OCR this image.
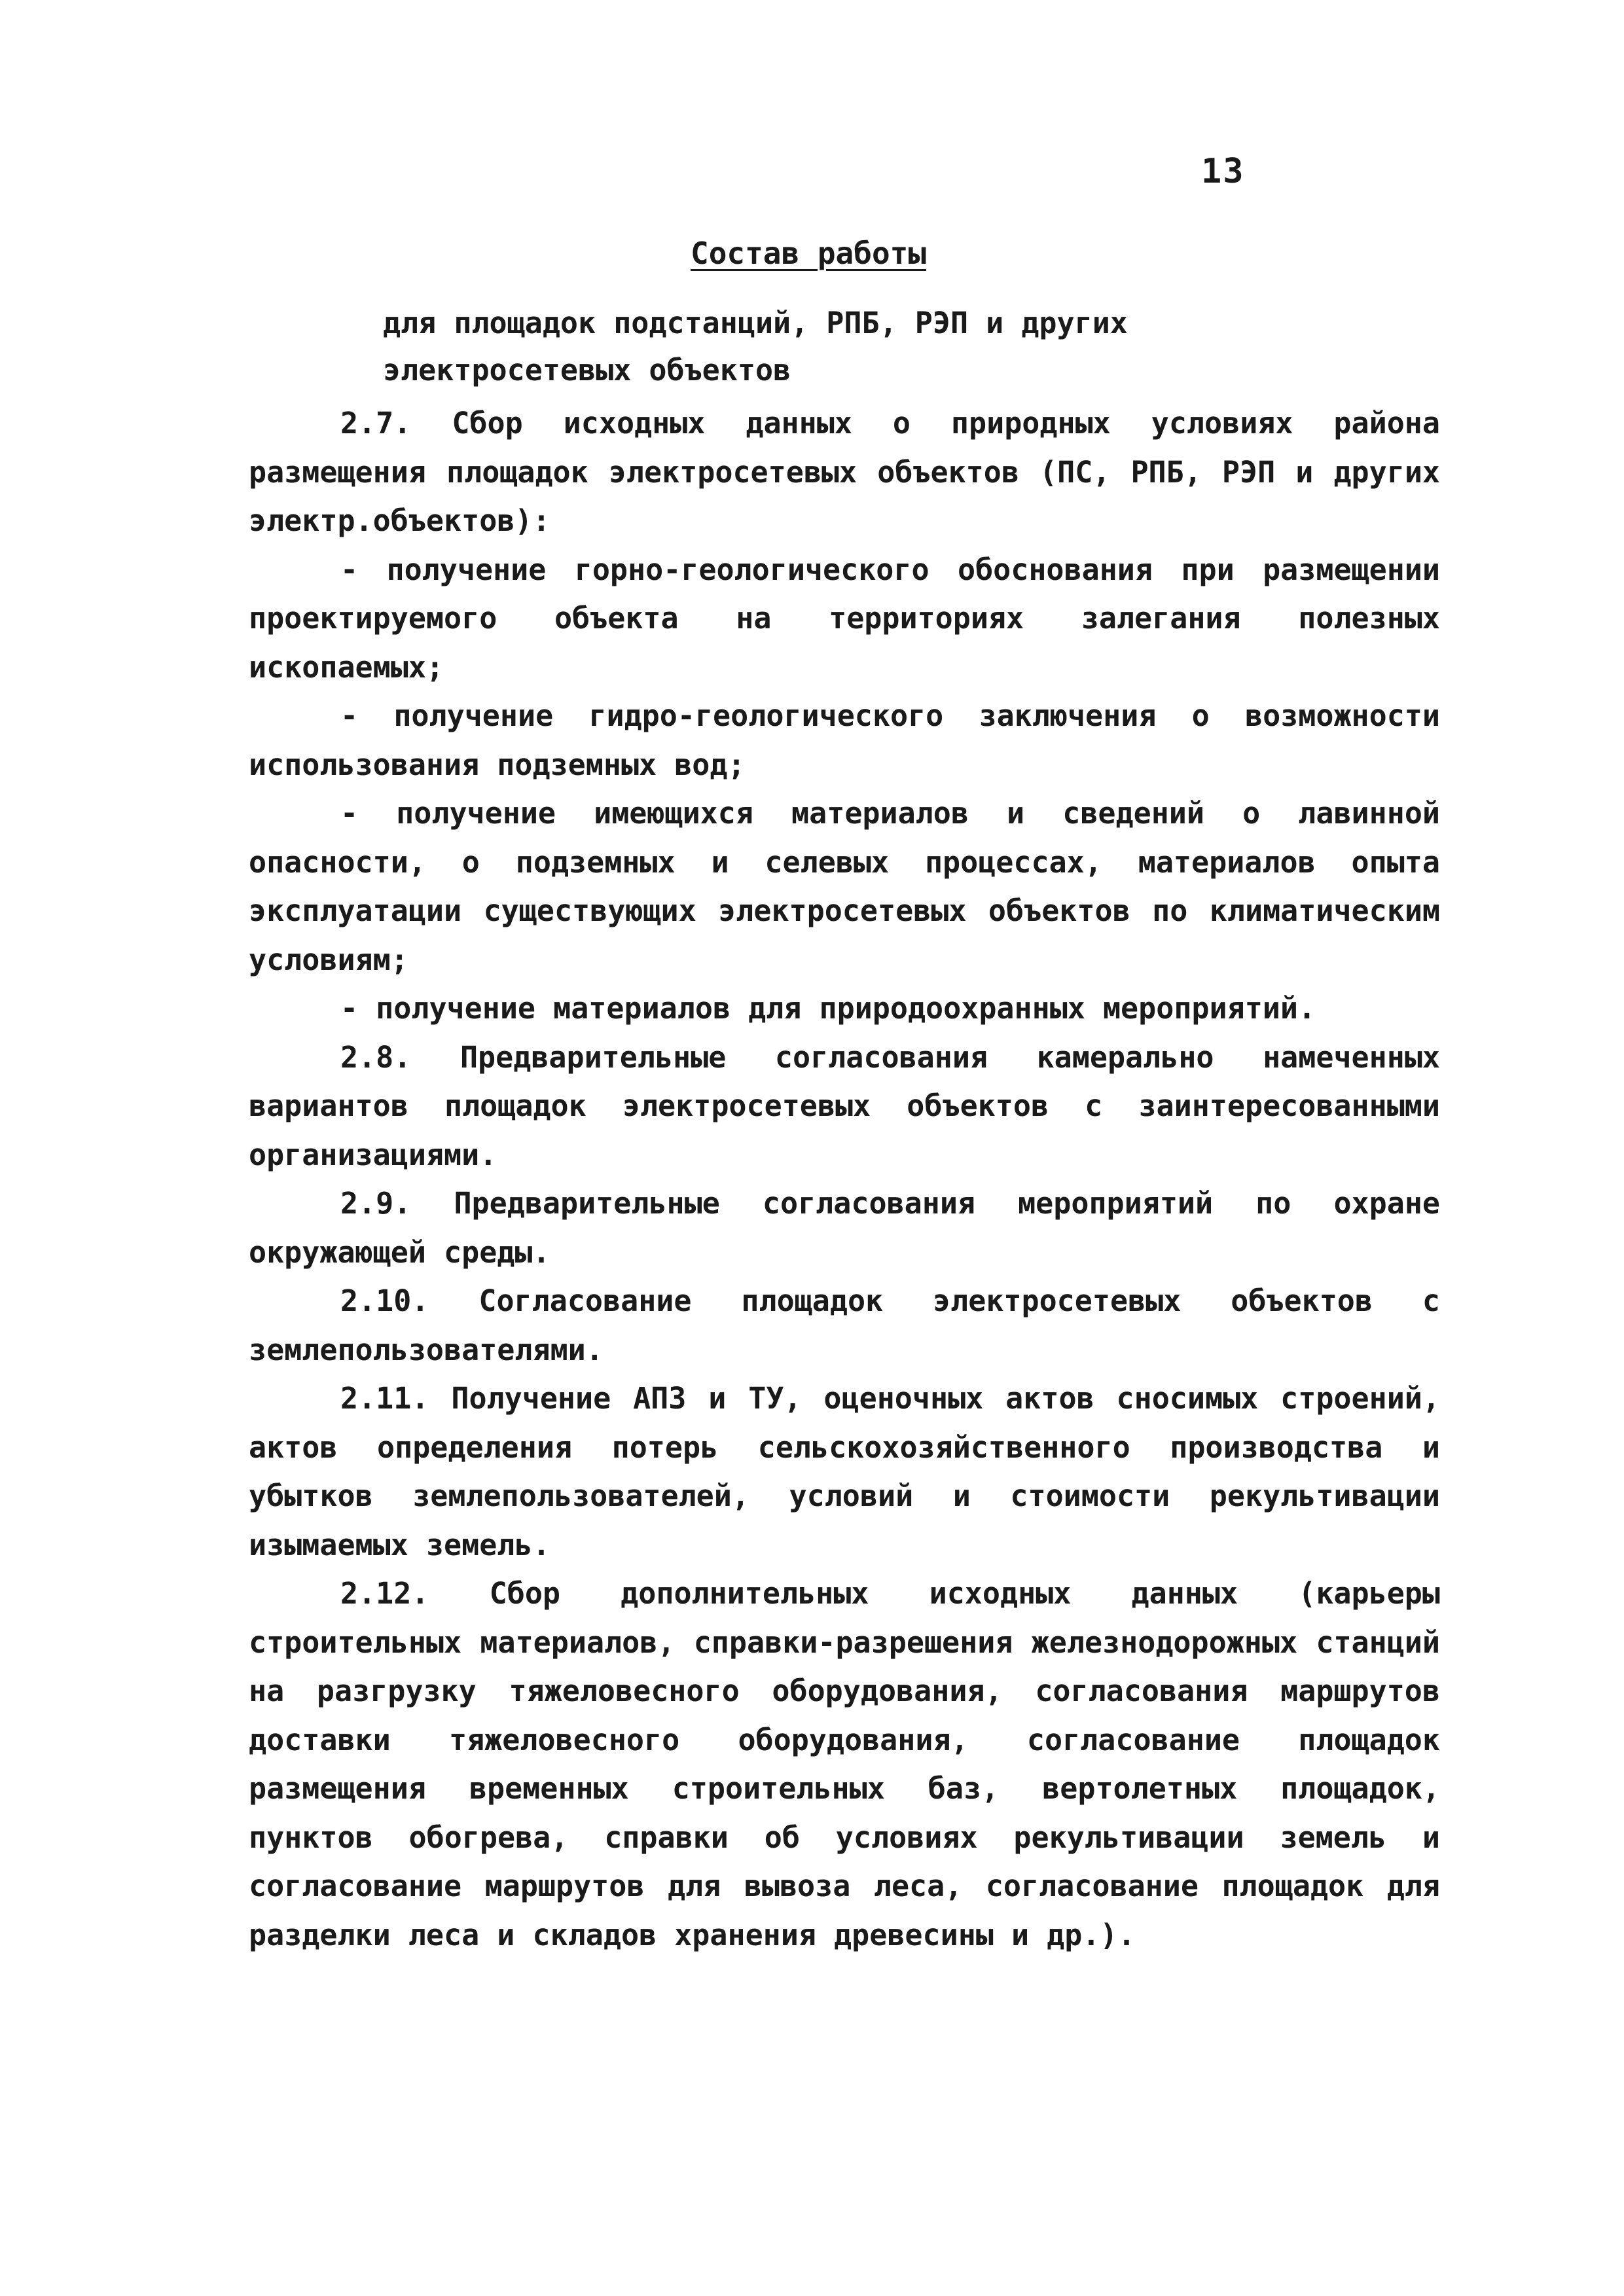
13
Состав работы
для площадок подстанций, РПБ, РЭП и других электросетевых объектов

2.7. Сбор исходных данных о природных условиях района размещения площадок электросетевых объектов (ПС, РПБ, РЭП и других электр.объектов):

- получение горно-геологического обоснования при размещении проектируемого объекта на территориях залегания полезных ископаемых;

- получение гидро-геологического заключения о возможности использования подземных вод;

- получение имеющихся материалов и сведений о лавинной опасности, о подземных и селевых процессах, материалов опыта эксплуатации существующих электросетевых объектов по климатическим условиям;

- получение материалов для природоохранных мероприятий.

2.8. Предварительные согласования камерально намеченных вариантов площадок электросетевых объектов с заинтересованными организациями.

2.9. Предварительные согласования мероприятий по охране окружающей среды.

2.10. Согласование площадок электросетевых объектов с землепользователями.

2.11. Получение АПЗ и ТУ, оценочных актов сносимых строений, актов определения потерь сельскохозяйственного производства и убытков землепользователей, условий и стоимости рекультивации изымаемых земель.

2.12. Сбор дополнительных исходных данных (карьеры строительных материалов, справки-разрешения железнодорожных станций на разгрузку тяжеловесного оборудования, согласования маршрутов доставки тяжеловесного оборудования, согласование площадок размещения временных строительных баз, вертолетных площадок, пунктов обогрева, справки об условиях рекультивации земель и согласование маршрутов для вывоза леса, согласование площадок для разделки леса и складов хранения древесины и др.).
